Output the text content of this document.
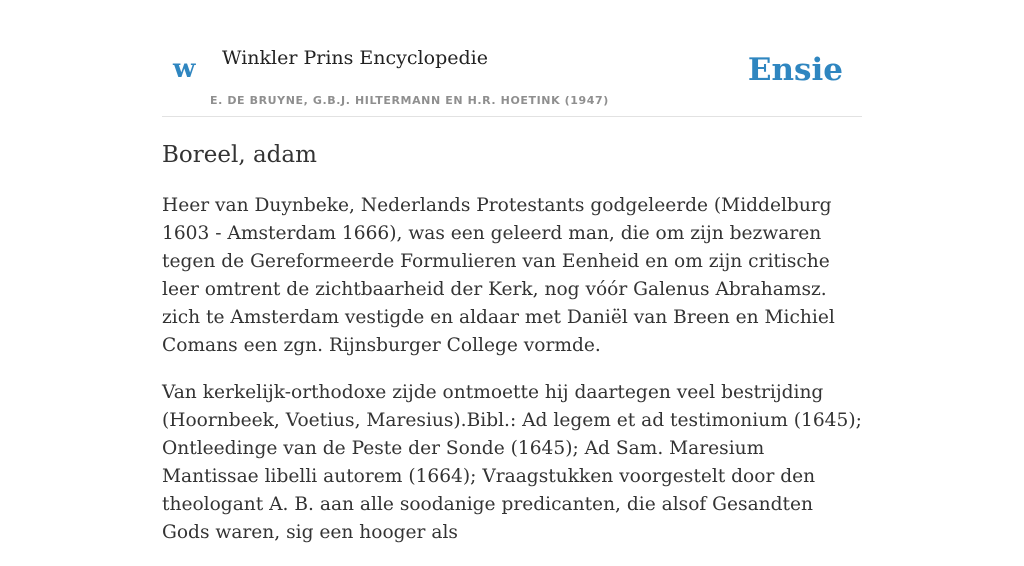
w Winkler Prins Encyclopedie
E. DE BRUYNE, G.B.J. HILTERMANN EN H.R. HOETINK (1947)
Ensie
Boreel, adam

Heer van Duynbeke, Nederlands Protestants godgeleerde (Middelburg 1603 - Amsterdam 1666), was een geleerd man, die om zijn bezwaren tegen de Gereformeerde Formulieren van Eenheid en om zijn critische leer omtrent de zichtbaarheid der Kerk, nog vóór Galenus Abrahamsz. zich te Amsterdam vestigde en aldaar met Daniël van Breen en Michiel Comans een zgn. Rijnsburger College vormde.

Van kerkelijk-orthodoxe zijde ontmoette hij daartegen veel bestrijding (Hoornbeek, Voetius, Maresius).Bibl.: Ad legem et ad testimonium (1645); Ontleedinge van de Peste der Sonde (1645); Ad Sam. Maresium Mantissae libelli autorem (1664); Vraagstukken voorgestelt door den theologant A. B. aan alle soodanige predicanten, die alsof Gesandten Gods waren, sig een hooger als
